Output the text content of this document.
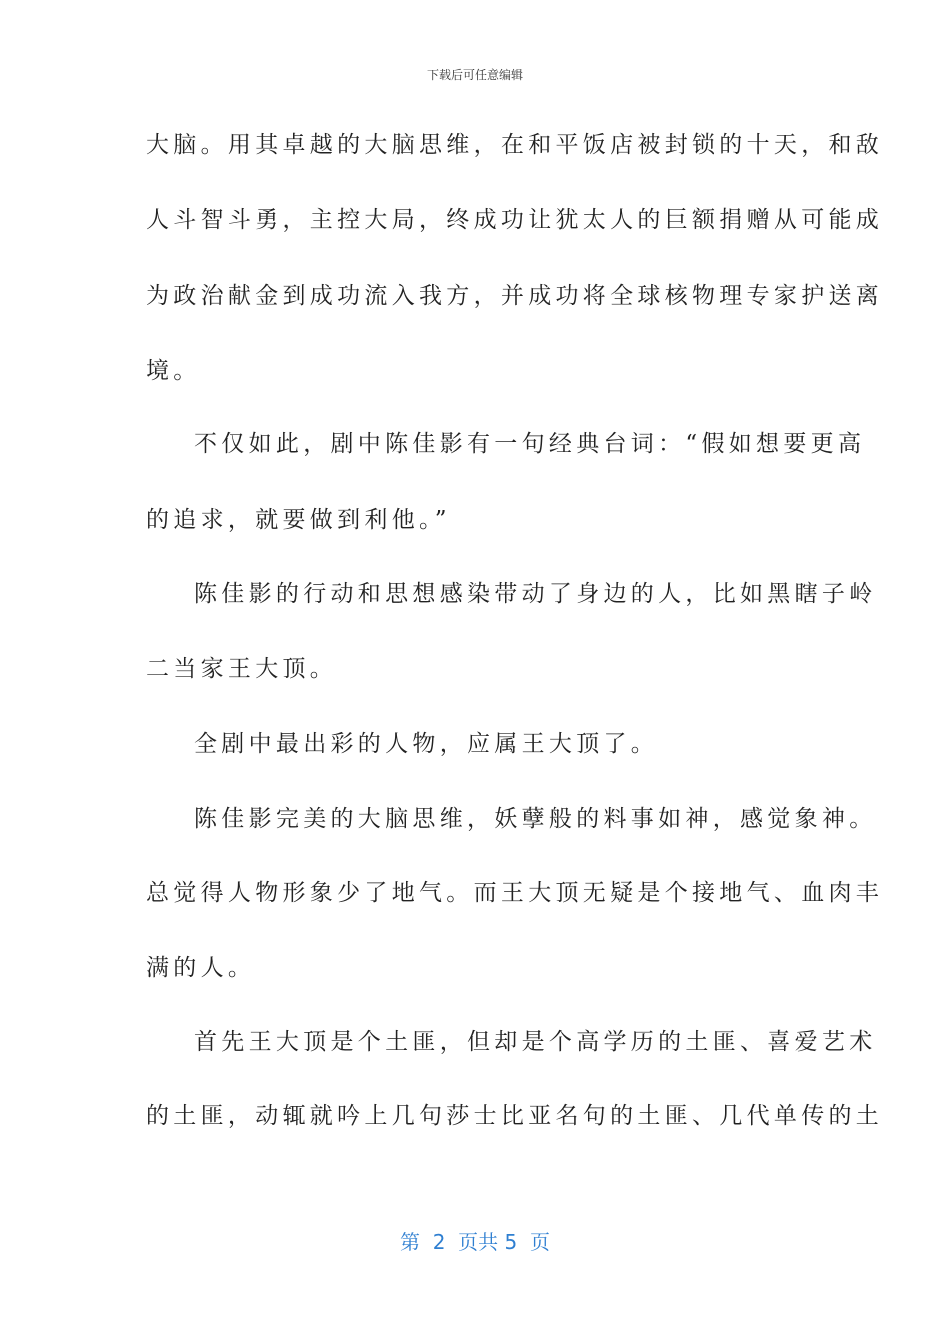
下载后可任意编辑
大脑。用其卓越的大脑思维，在和平饭店被封锁的十天，和敌
人斗智斗勇，主控大局，终成功让犹太人的巨额捐赠从可能成
为政治献金到成功流入我方，并成功将全球核物理专家护送离
境。
不仅如此，剧中陈佳影有一句经典台词：“假如想要更高
的追求，就要做到利他。”
陈佳影的行动和思想感染带动了身边的人，比如黑瞎子岭
二当家王大顶。
全剧中最出彩的人物，应属王大顶了。
陈佳影完美的大脑思维，妖孽般的料事如神，感觉象神。
总觉得人物形象少了地气。而王大顶无疑是个接地气、血肉丰
满的人。
首先王大顶是个土匪，但却是个高学历的土匪、喜爱艺术
的土匪，动辄就吟上几句莎士比亚名句的土匪、几代单传的土
第  2  页共 5  页
